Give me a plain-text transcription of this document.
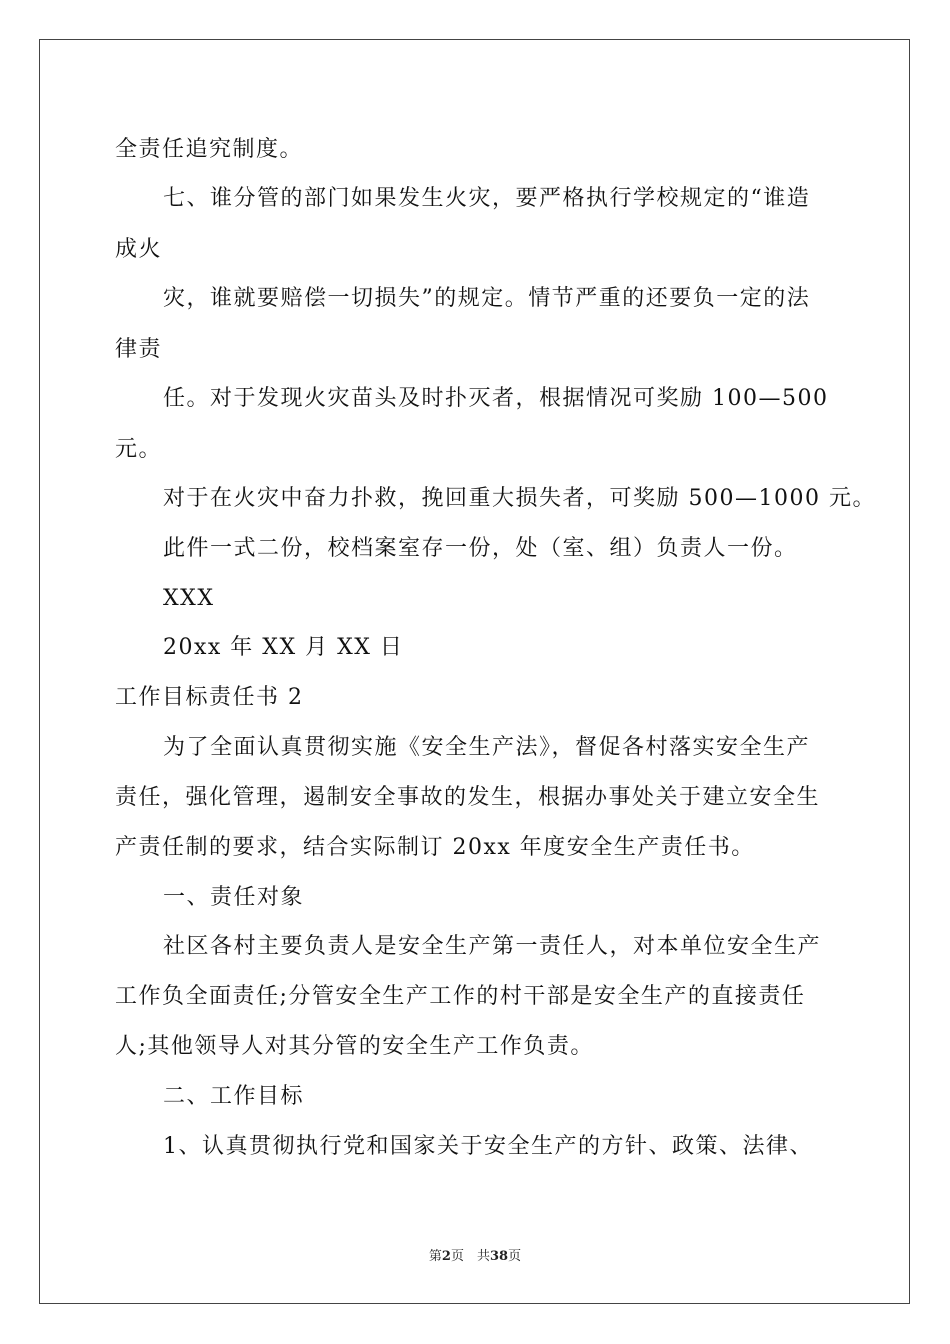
全责任追究制度。
七、谁分管的部门如果发生火灾，要严格执行学校规定的“谁造
成火
灾，谁就要赔偿一切损失”的规定。情节严重的还要负一定的法
律责
任。对于发现火灾苗头及时扑灭者，根据情况可奖励 100—500
元。
对于在火灾中奋力扑救，挽回重大损失者，可奖励 500—1000 元。
此件一式二份，校档案室存一份，处（室、组）负责人一份。
XXX
20xx 年 XX 月 XX 日
工作目标责任书 2
为了全面认真贯彻实施《安全生产法》，督促各村落实安全生产
责任，强化管理，遏制安全事故的发生，根据办事处关于建立安全生
产责任制的要求，结合实际制订 20xx 年度安全生产责任书。
一、责任对象
社区各村主要负责人是安全生产第一责任人，对本单位安全生产
工作负全面责任;分管安全生产工作的村干部是安全生产的直接责任
人;其他领导人对其分管的安全生产工作负责。
二、工作目标
1、认真贯彻执行党和国家关于安全生产的方针、政策、法律、
第2页　共38页
